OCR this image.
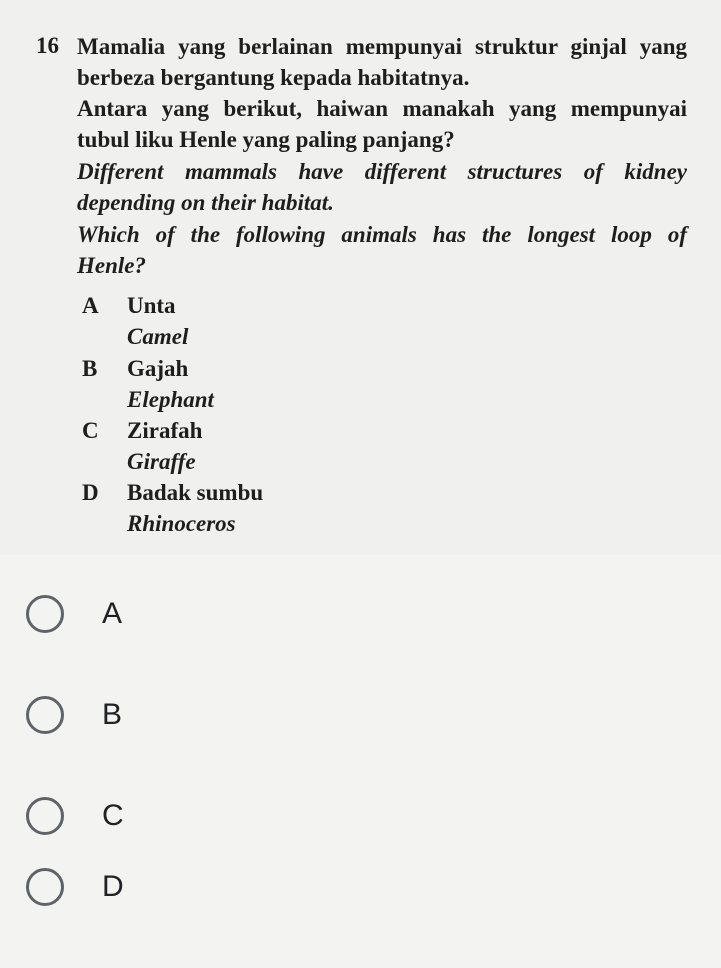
16 Mamalia yang berlainan mempunyai struktur ginjal yang
berbeza bergantung kepada habitatnya.
Antara yang berikut, haiwan manakah yang mempunyai
tubul liku Henle yang paling panjang?
Different mammals have different structures of kidney
depending on their habitat.
Which of the following animals has the longest loop of
Henle?
A Unta
Camel
B Gajah
Elephant
C Zirafah
Giraffe
D Badak sumbu
Rhinoceros
A
B
C
D
